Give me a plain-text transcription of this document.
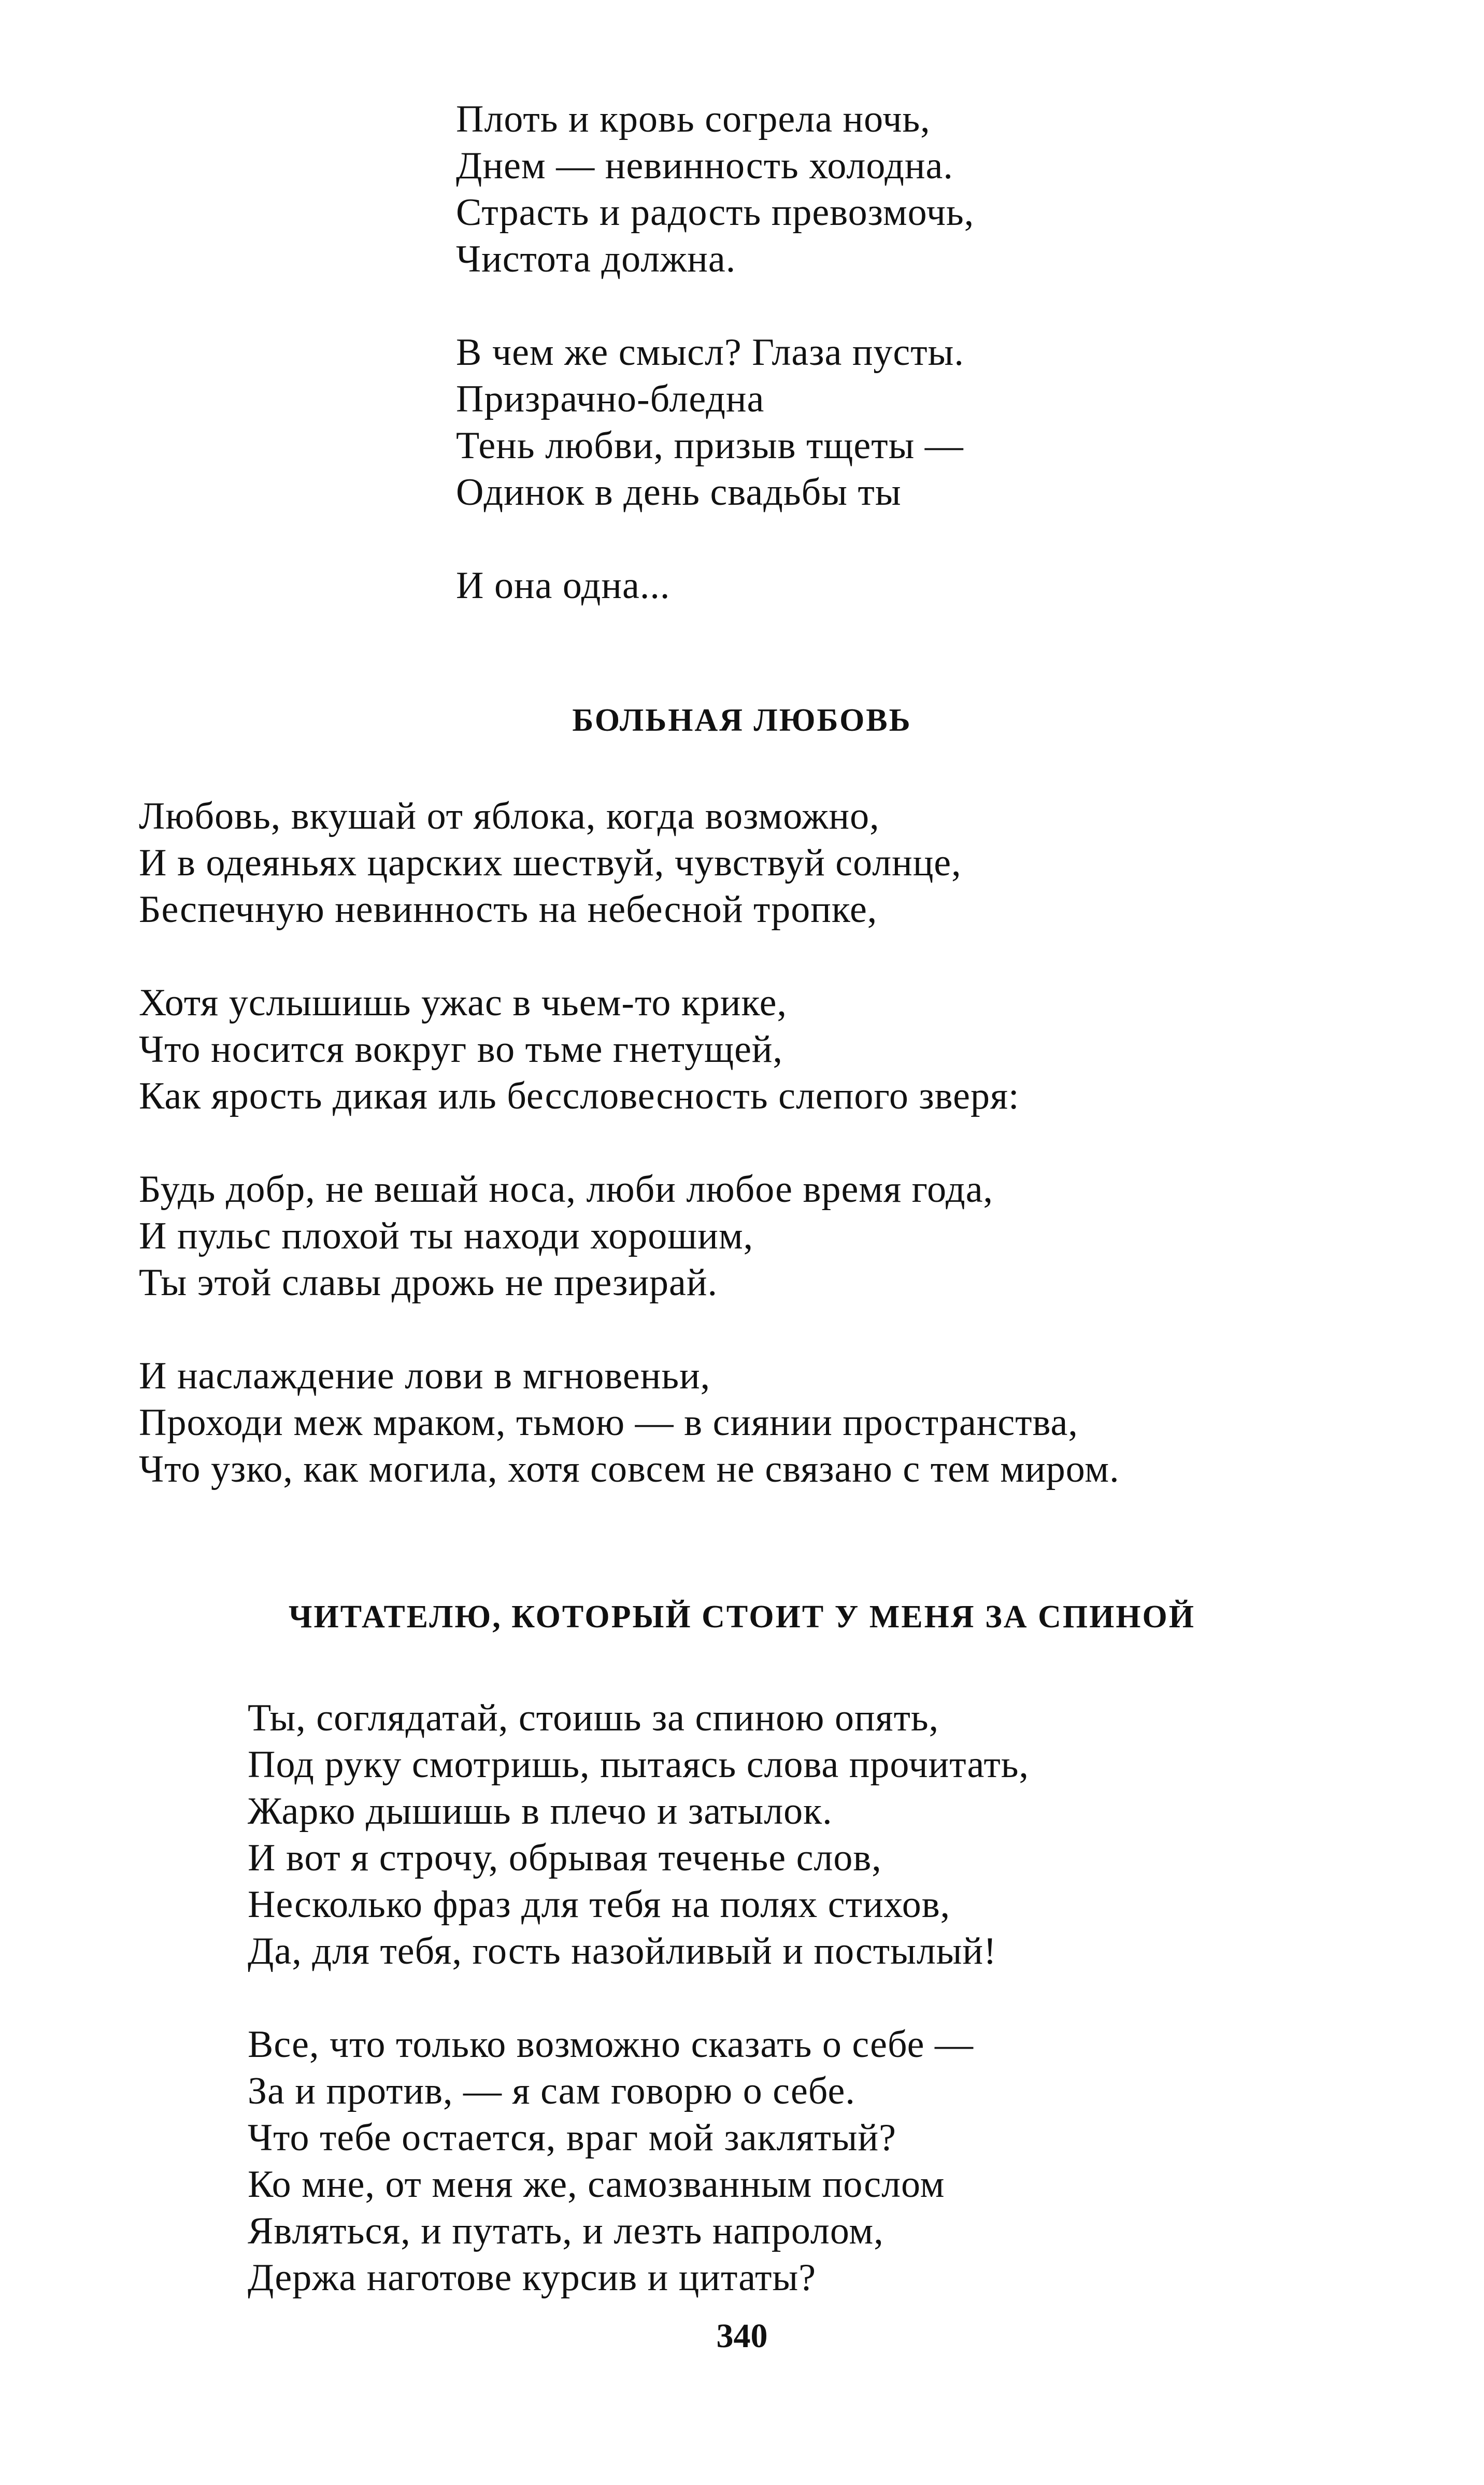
Плоть и кровь согрела ночь,
Днем — невинность холодна.
Страсть и радость превозмочь,
Чистота должна.
В чем же смысл? Глаза пусты.
Призрачно-бледна
Тень любви, призыв тщеты —
Одинок в день свадьбы ты
И она одна...
БОЛЬНАЯ ЛЮБОВЬ
Любовь, вкушай от яблока, когда возможно,
И в одеяньях царских шествуй, чувствуй солнце,
Беспечную невинность на небесной тропке,
Хотя услышишь ужас в чьем-то крике,
Что носится вокруг во тьме гнетущей,
Как ярость дикая иль бессловесность слепого зверя:
Будь добр, не вешай носа, люби любое время года,
И пульс плохой ты находи хорошим,
Ты этой славы дрожь не презирай.
И наслаждение лови в мгновеньи,
Проходи меж мраком, тьмою — в сиянии пространства,
Что узко, как могила, хотя совсем не связано с тем миром.
ЧИТАТЕЛЮ, КОТОРЫЙ СТОИТ У МЕНЯ ЗА СПИНОЙ
Ты, соглядатай, стоишь за спиною опять,
Под руку смотришь, пытаясь слова прочитать,
Жарко дышишь в плечо и затылок.
И вот я строчу, обрывая теченье слов,
Несколько фраз для тебя на полях стихов,
Да, для тебя, гость назойливый и постылый!
Все, что только возможно сказать о себе —
За и против, — я сам говорю о себе.
Что тебе остается, враг мой заклятый?
Ко мне, от меня же, самозванным послом
Являться, и путать, и лезть напролом,
Держа наготове курсив и цитаты?
340
